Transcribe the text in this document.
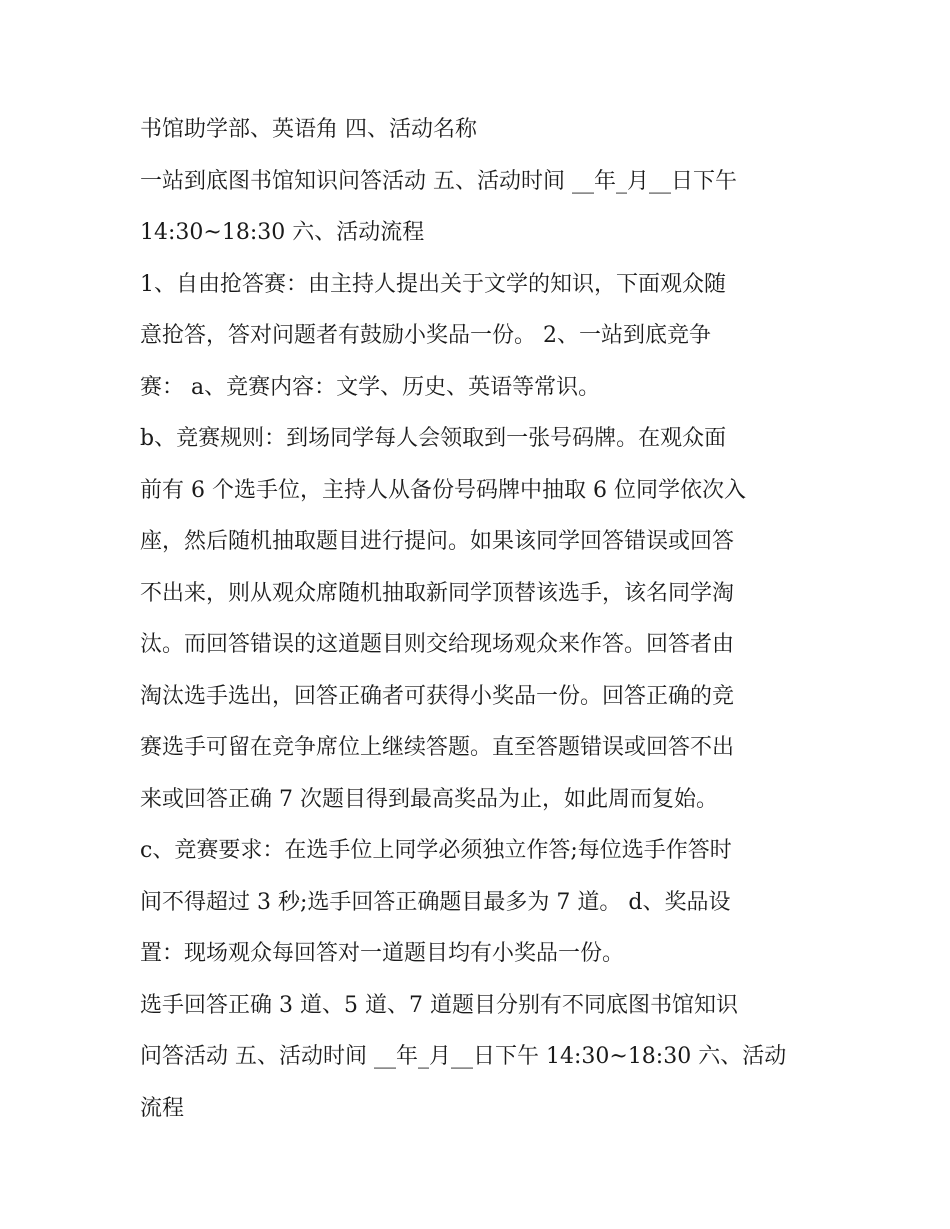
书馆助学部、英语角 四、活动名称
一站到底图书馆知识问答活动 五、活动时间 __年_月__日下午
14:30~18:30 六、活动流程
1、自由抢答赛：由主持人提出关于文学的知识，下面观众随
意抢答，答对问题者有鼓励小奖品一份。 2、一站到底竞争
赛： a、竞赛内容：文学、历史、英语等常识。
b、竞赛规则：到场同学每人会领取到一张号码牌。在观众面
前有 6 个选手位，主持人从备份号码牌中抽取 6 位同学依次入
座，然后随机抽取题目进行提问。如果该同学回答错误或回答
不出来，则从观众席随机抽取新同学顶替该选手，该名同学淘
汰。而回答错误的这道题目则交给现场观众来作答。回答者由
淘汰选手选出，回答正确者可获得小奖品一份。回答正确的竞
赛选手可留在竞争席位上继续答题。直至答题错误或回答不出
来或回答正确 7 次题目得到最高奖品为止，如此周而复始。
c、竞赛要求：在选手位上同学必须独立作答;每位选手作答时
间不得超过 3 秒;选手回答正确题目最多为 7 道。 d、奖品设
置：现场观众每回答对一道题目均有小奖品一份。
选手回答正确 3 道、5 道、7 道题目分别有不同底图书馆知识
问答活动 五、活动时间 __年_月__日下午 14:30~18:30 六、活动
流程
